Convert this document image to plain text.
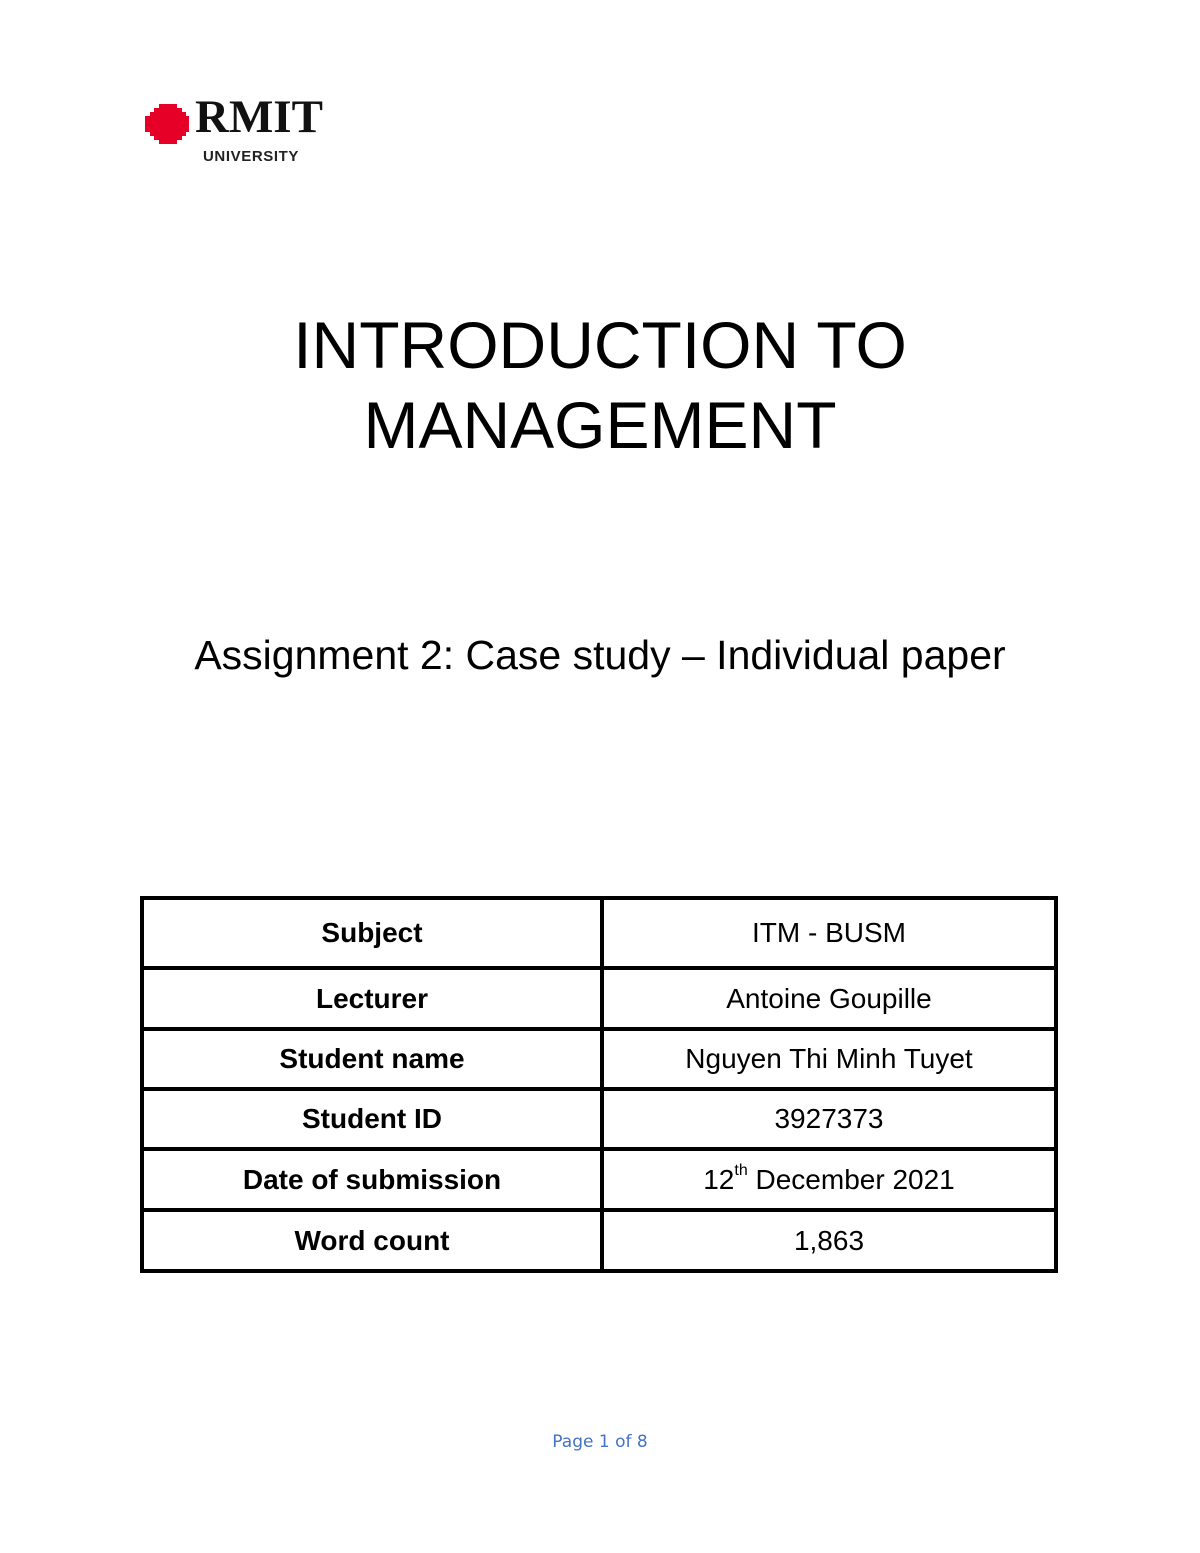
RMIT
UNIVERSITY
INTRODUCTION TO
MANAGEMENT

Assignment 2: Case study – Individual paper

Subject	ITM - BUSM
Lecturer	Antoine Goupille
Student name	Nguyen Thi Minh Tuyet
Student ID	3927373
Date of submission	12th December 2021
Word count	1,863
Page 1 of 8
